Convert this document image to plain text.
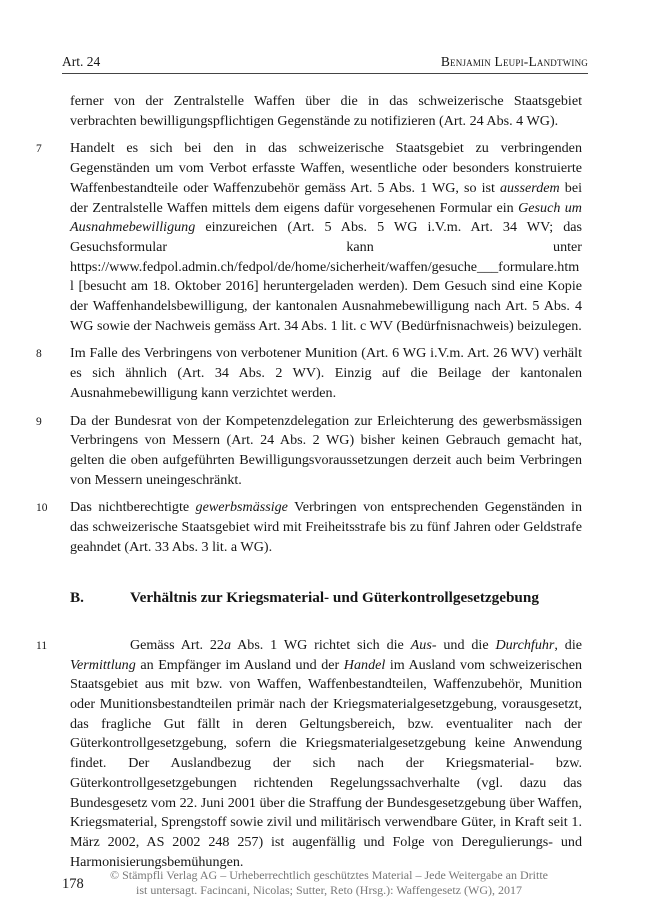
Art. 24	Benjamin Leupi-Landtwing

ferner von der Zentralstelle Waffen über die in das schweizerische Staatsgebiet verbrachten bewilligungspflichtigen Gegenstände zu notifizieren (Art. 24 Abs. 4 WG).

7 Handelt es sich bei den in das schweizerische Staatsgebiet zu verbringenden Gegenständen um vom Verbot erfasste Waffen, wesentliche oder besonders konstruierte Waffenbestandteile oder Waffenzubehör gemäss Art. 5 Abs. 1 WG, so ist ausserdem bei der Zentralstelle Waffen mittels dem eigens dafür vorgesehenen Formular ein Gesuch um Ausnahmebewilligung einzureichen (Art. 5 Abs. 5 WG i.V.m. Art. 34 WV; das Gesuchsformular kann unter https://www.fedpol.admin.ch/fedpol/de/home/sicherheit/waffen/gesuche___formulare.html [besucht am 18. Oktober 2016] heruntergeladen werden). Dem Gesuch sind eine Kopie der Waffenhandelsbewilligung, der kantonalen Ausnahmebewilligung nach Art. 5 Abs. 4 WG sowie der Nachweis gemäss Art. 34 Abs. 1 lit. c WV (Bedürfnisnachweis) beizulegen.

8 Im Falle des Verbringens von verbotener Munition (Art. 6 WG i.V.m. Art. 26 WV) verhält es sich ähnlich (Art. 34 Abs. 2 WV). Einzig auf die Beilage der kantonalen Ausnahmebewilligung kann verzichtet werden.

9 Da der Bundesrat von der Kompetenzdelegation zur Erleichterung des gewerbsmässigen Verbringens von Messern (Art. 24 Abs. 2 WG) bisher keinen Gebrauch gemacht hat, gelten die oben aufgeführten Bewilligungsvoraussetzungen derzeit auch beim Verbringen von Messern uneingeschränkt.

10 Das nichtberechtigte gewerbsmässige Verbringen von entsprechenden Gegenständen in das schweizerische Staatsgebiet wird mit Freiheitsstrafe bis zu fünf Jahren oder Geldstrafe geahndet (Art. 33 Abs. 3 lit. a WG).

B.	Verhältnis zur Kriegsmaterial- und Güterkontrollgesetzgebung

11	Gemäss Art. 22a Abs. 1 WG richtet sich die Aus- und die Durchfuhr, die Vermittlung an Empfänger im Ausland und der Handel im Ausland vom schweizerischen Staatsgebiet aus mit bzw. von Waffen, Waffenbestandteilen, Waffenzubehör, Munition oder Munitionsbestandteilen primär nach der Kriegsmaterialgesetzgebung, vorausgesetzt, das fragliche Gut fällt in deren Geltungsbereich, bzw. eventualiter nach der Güterkontrollgesetzgebung, sofern die Kriegsmaterialgesetzgebung keine Anwendung findet. Der Auslandbezug der sich nach der Kriegsmaterial- bzw. Güterkontrollgesetzgebungen richtenden Regelungssachverhalte (vgl. dazu das Bundesgesetz vom 22. Juni 2001 über die Straffung der Bundesgesetzgebung über Waffen, Kriegsmaterial, Sprengstoff sowie zivil und militärisch verwendbare Güter, in Kraft seit 1. März 2002, AS 2002 248 257) ist augenfällig und Folge von Deregulierungs- und Harmonisierungsbemühungen.

178
© Stämpfli Verlag AG – Urheberrechtlich geschütztes Material – Jede Weitergabe an Dritte
ist untersagt. Facincani, Nicolas; Sutter, Reto (Hrsg.): Waffengesetz (WG), 2017
